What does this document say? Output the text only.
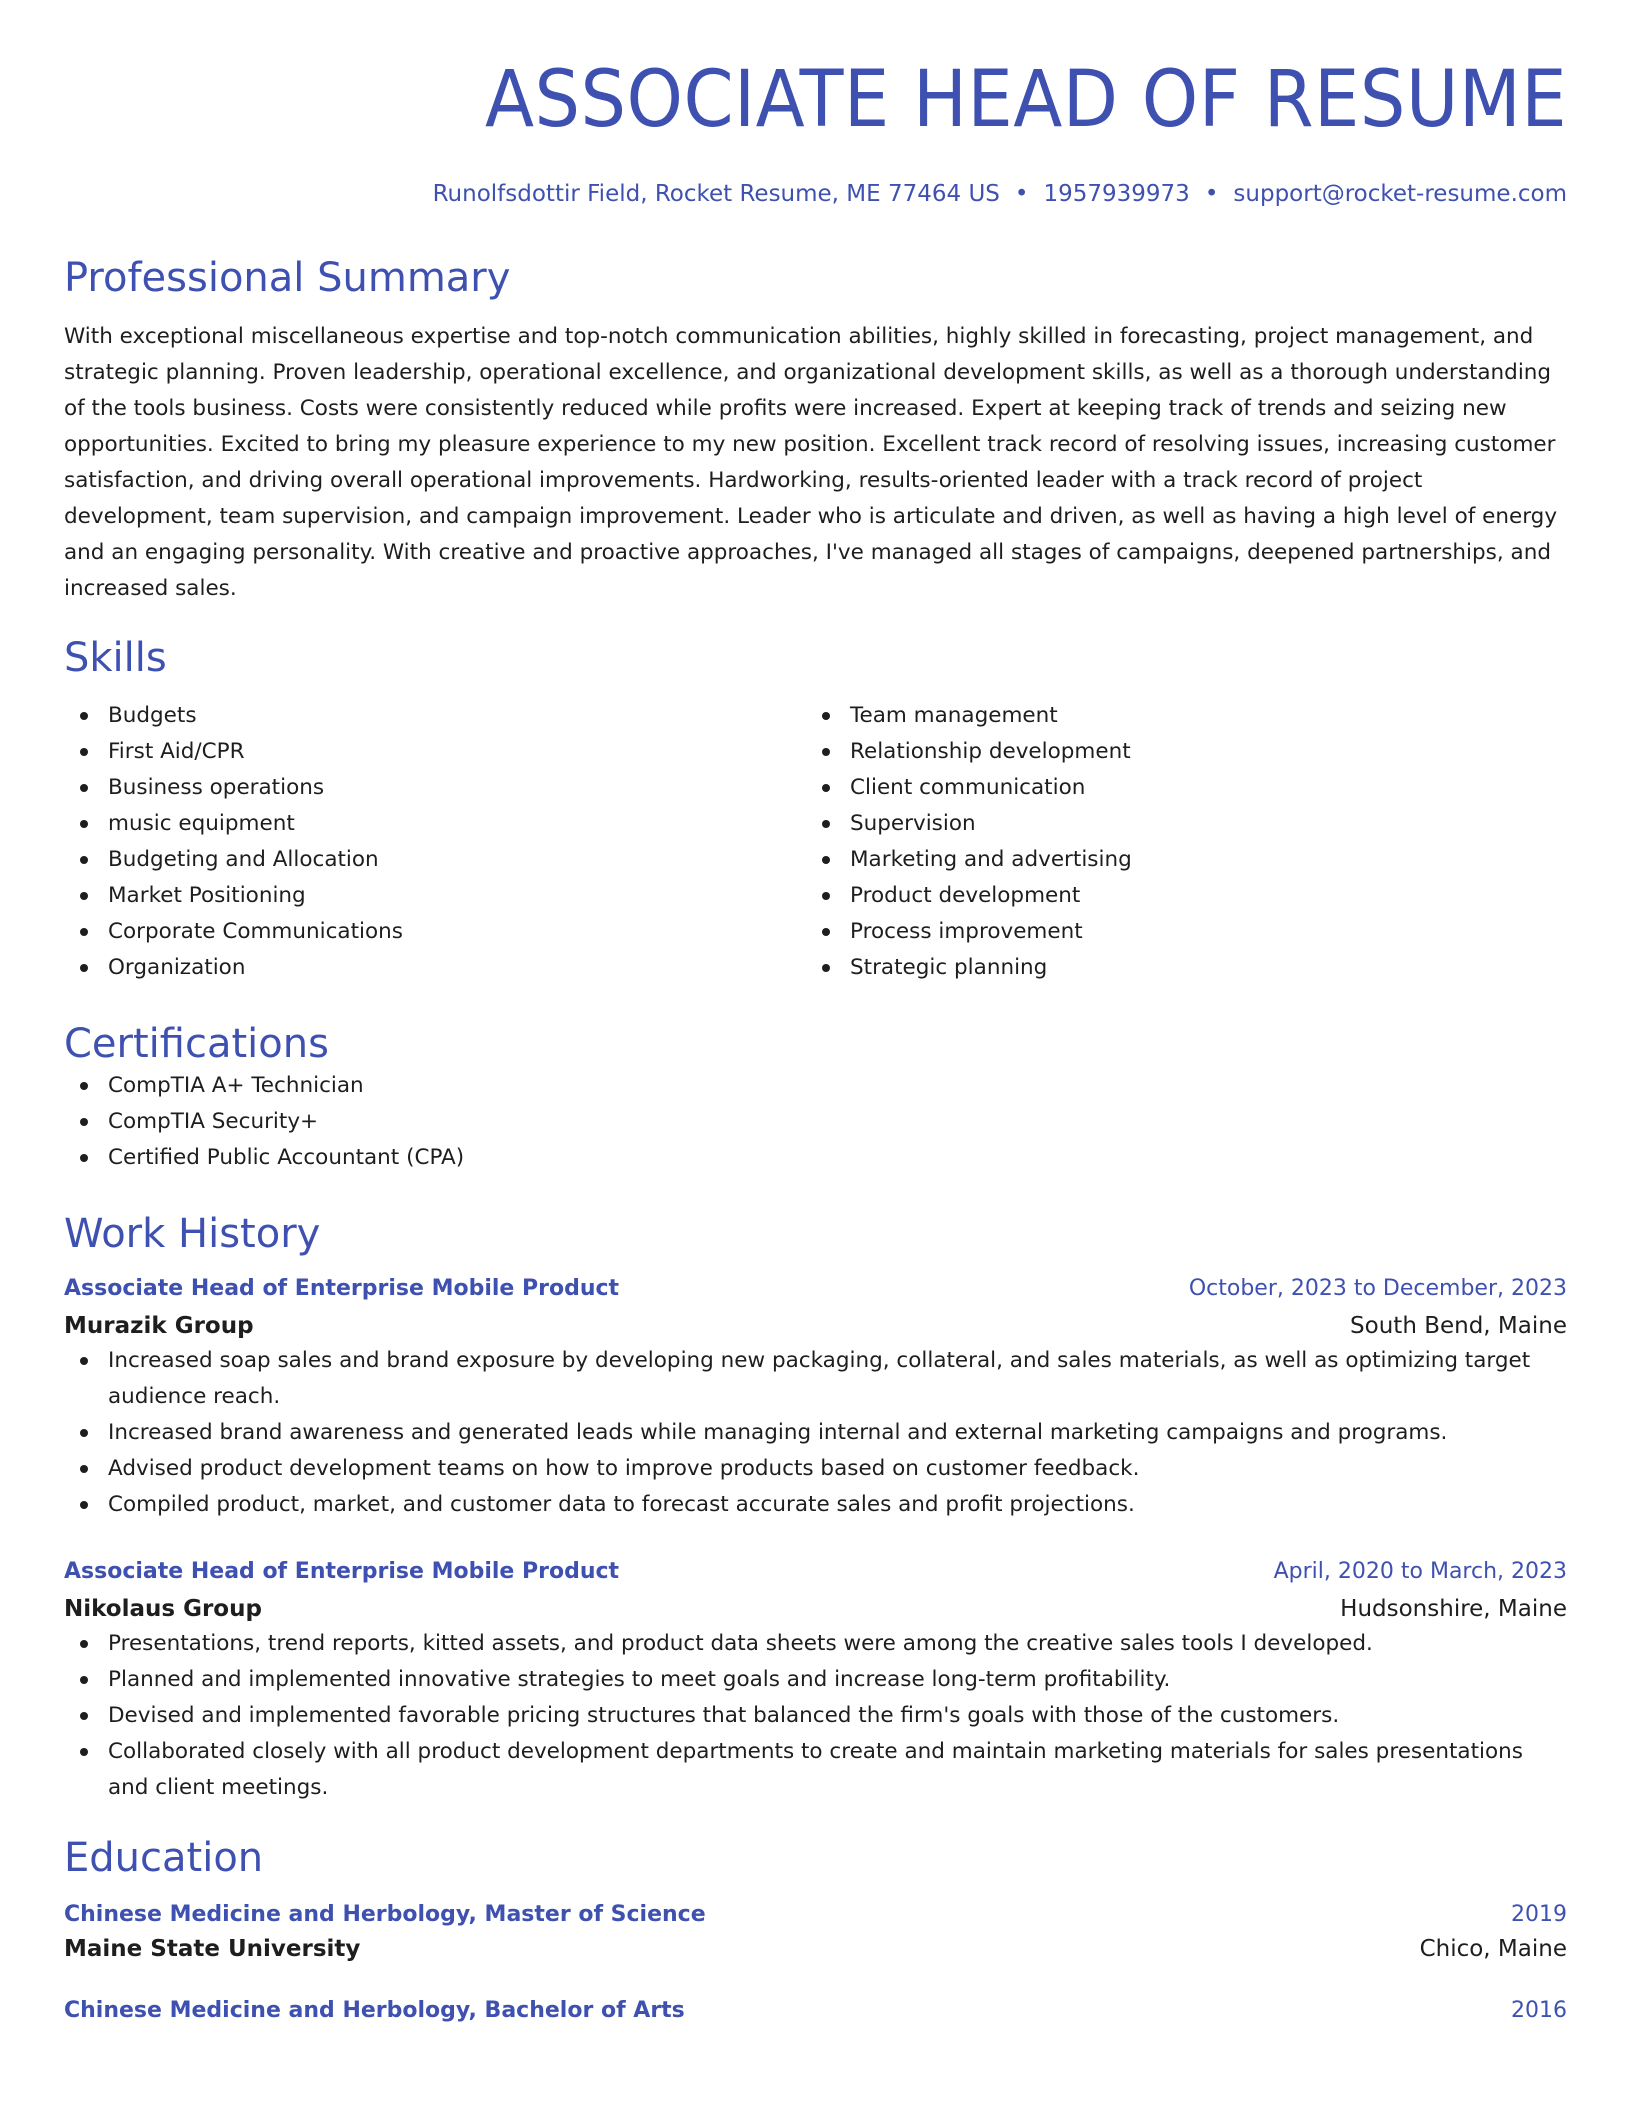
ASSOCIATE HEAD OF RESUME
Runolfsdottir Field, Rocket Resume, ME 77464 US • 1957939973 • support@rocket-resume.com
Professional Summary
With exceptional miscellaneous expertise and top-notch communication abilities, highly skilled in forecasting, project management, and strategic planning. Proven leadership, operational excellence, and organizational development skills, as well as a thorough understanding of the tools business. Costs were consistently reduced while profits were increased. Expert at keeping track of trends and seizing new opportunities. Excited to bring my pleasure experience to my new position. Excellent track record of resolving issues, increasing customer satisfaction, and driving overall operational improvements. Hardworking, results-oriented leader with a track record of project development, team supervision, and campaign improvement. Leader who is articulate and driven, as well as having a high level of energy and an engaging personality. With creative and proactive approaches, I've managed all stages of campaigns, deepened partnerships, and increased sales.
Skills
Budgets
First Aid/CPR
Business operations
music equipment
Budgeting and Allocation
Market Positioning
Corporate Communications
Organization
Team management
Relationship development
Client communication
Supervision
Marketing and advertising
Product development
Process improvement
Strategic planning
Certifications
CompTIA A+ Technician
CompTIA Security+
Certified Public Accountant (CPA)
Work History
Associate Head of Enterprise Mobile Product	October, 2023 to December, 2023
Murazik Group	South Bend, Maine
Increased soap sales and brand exposure by developing new packaging, collateral, and sales materials, as well as optimizing target audience reach.
Increased brand awareness and generated leads while managing internal and external marketing campaigns and programs.
Advised product development teams on how to improve products based on customer feedback.
Compiled product, market, and customer data to forecast accurate sales and profit projections.
Associate Head of Enterprise Mobile Product	April, 2020 to March, 2023
Nikolaus Group	Hudsonshire, Maine
Presentations, trend reports, kitted assets, and product data sheets were among the creative sales tools I developed.
Planned and implemented innovative strategies to meet goals and increase long-term profitability.
Devised and implemented favorable pricing structures that balanced the firm's goals with those of the customers.
Collaborated closely with all product development departments to create and maintain marketing materials for sales presentations and client meetings.
Education
Chinese Medicine and Herbology, Master of Science	2019
Maine State University	Chico, Maine
Chinese Medicine and Herbology, Bachelor of Arts	2016
